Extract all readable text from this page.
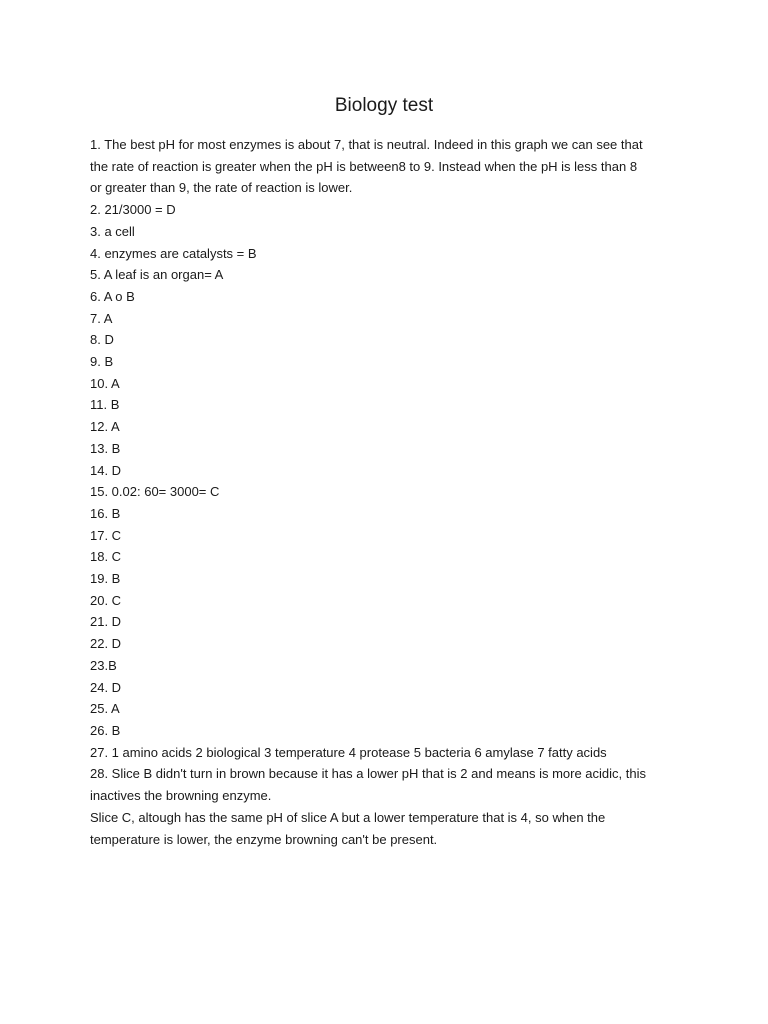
Biology test

1. The best pH for most enzymes is about 7, that is neutral. Indeed in this graph we can see that

the rate of reaction is greater when the pH is between8 to 9. Instead when the pH is less than 8

or greater than 9, the rate of reaction is lower.

2. 21/3000 = D

3. a cell

4. enzymes are catalysts = B

5. A leaf is an organ= A

6. A o B

7. A

8. D

9. B

10. A

11. B

12. A

13. B

14. D

15. 0.02: 60= 3000= C

16. B

17. C

18. C

19. B

20. C

21. D

22. D

23.B

24. D

25. A

26. B

27. 1 amino acids 2 biological 3 temperature 4 protease 5 bacteria 6 amylase 7 fatty acids

28. Slice B didn't turn in brown because it has a lower pH that is 2 and means is more acidic, this

inactives the browning enzyme.

Slice C, altough has the same pH of slice A but a lower temperature that is 4, so when the

temperature is lower, the enzyme browning can't be present.
